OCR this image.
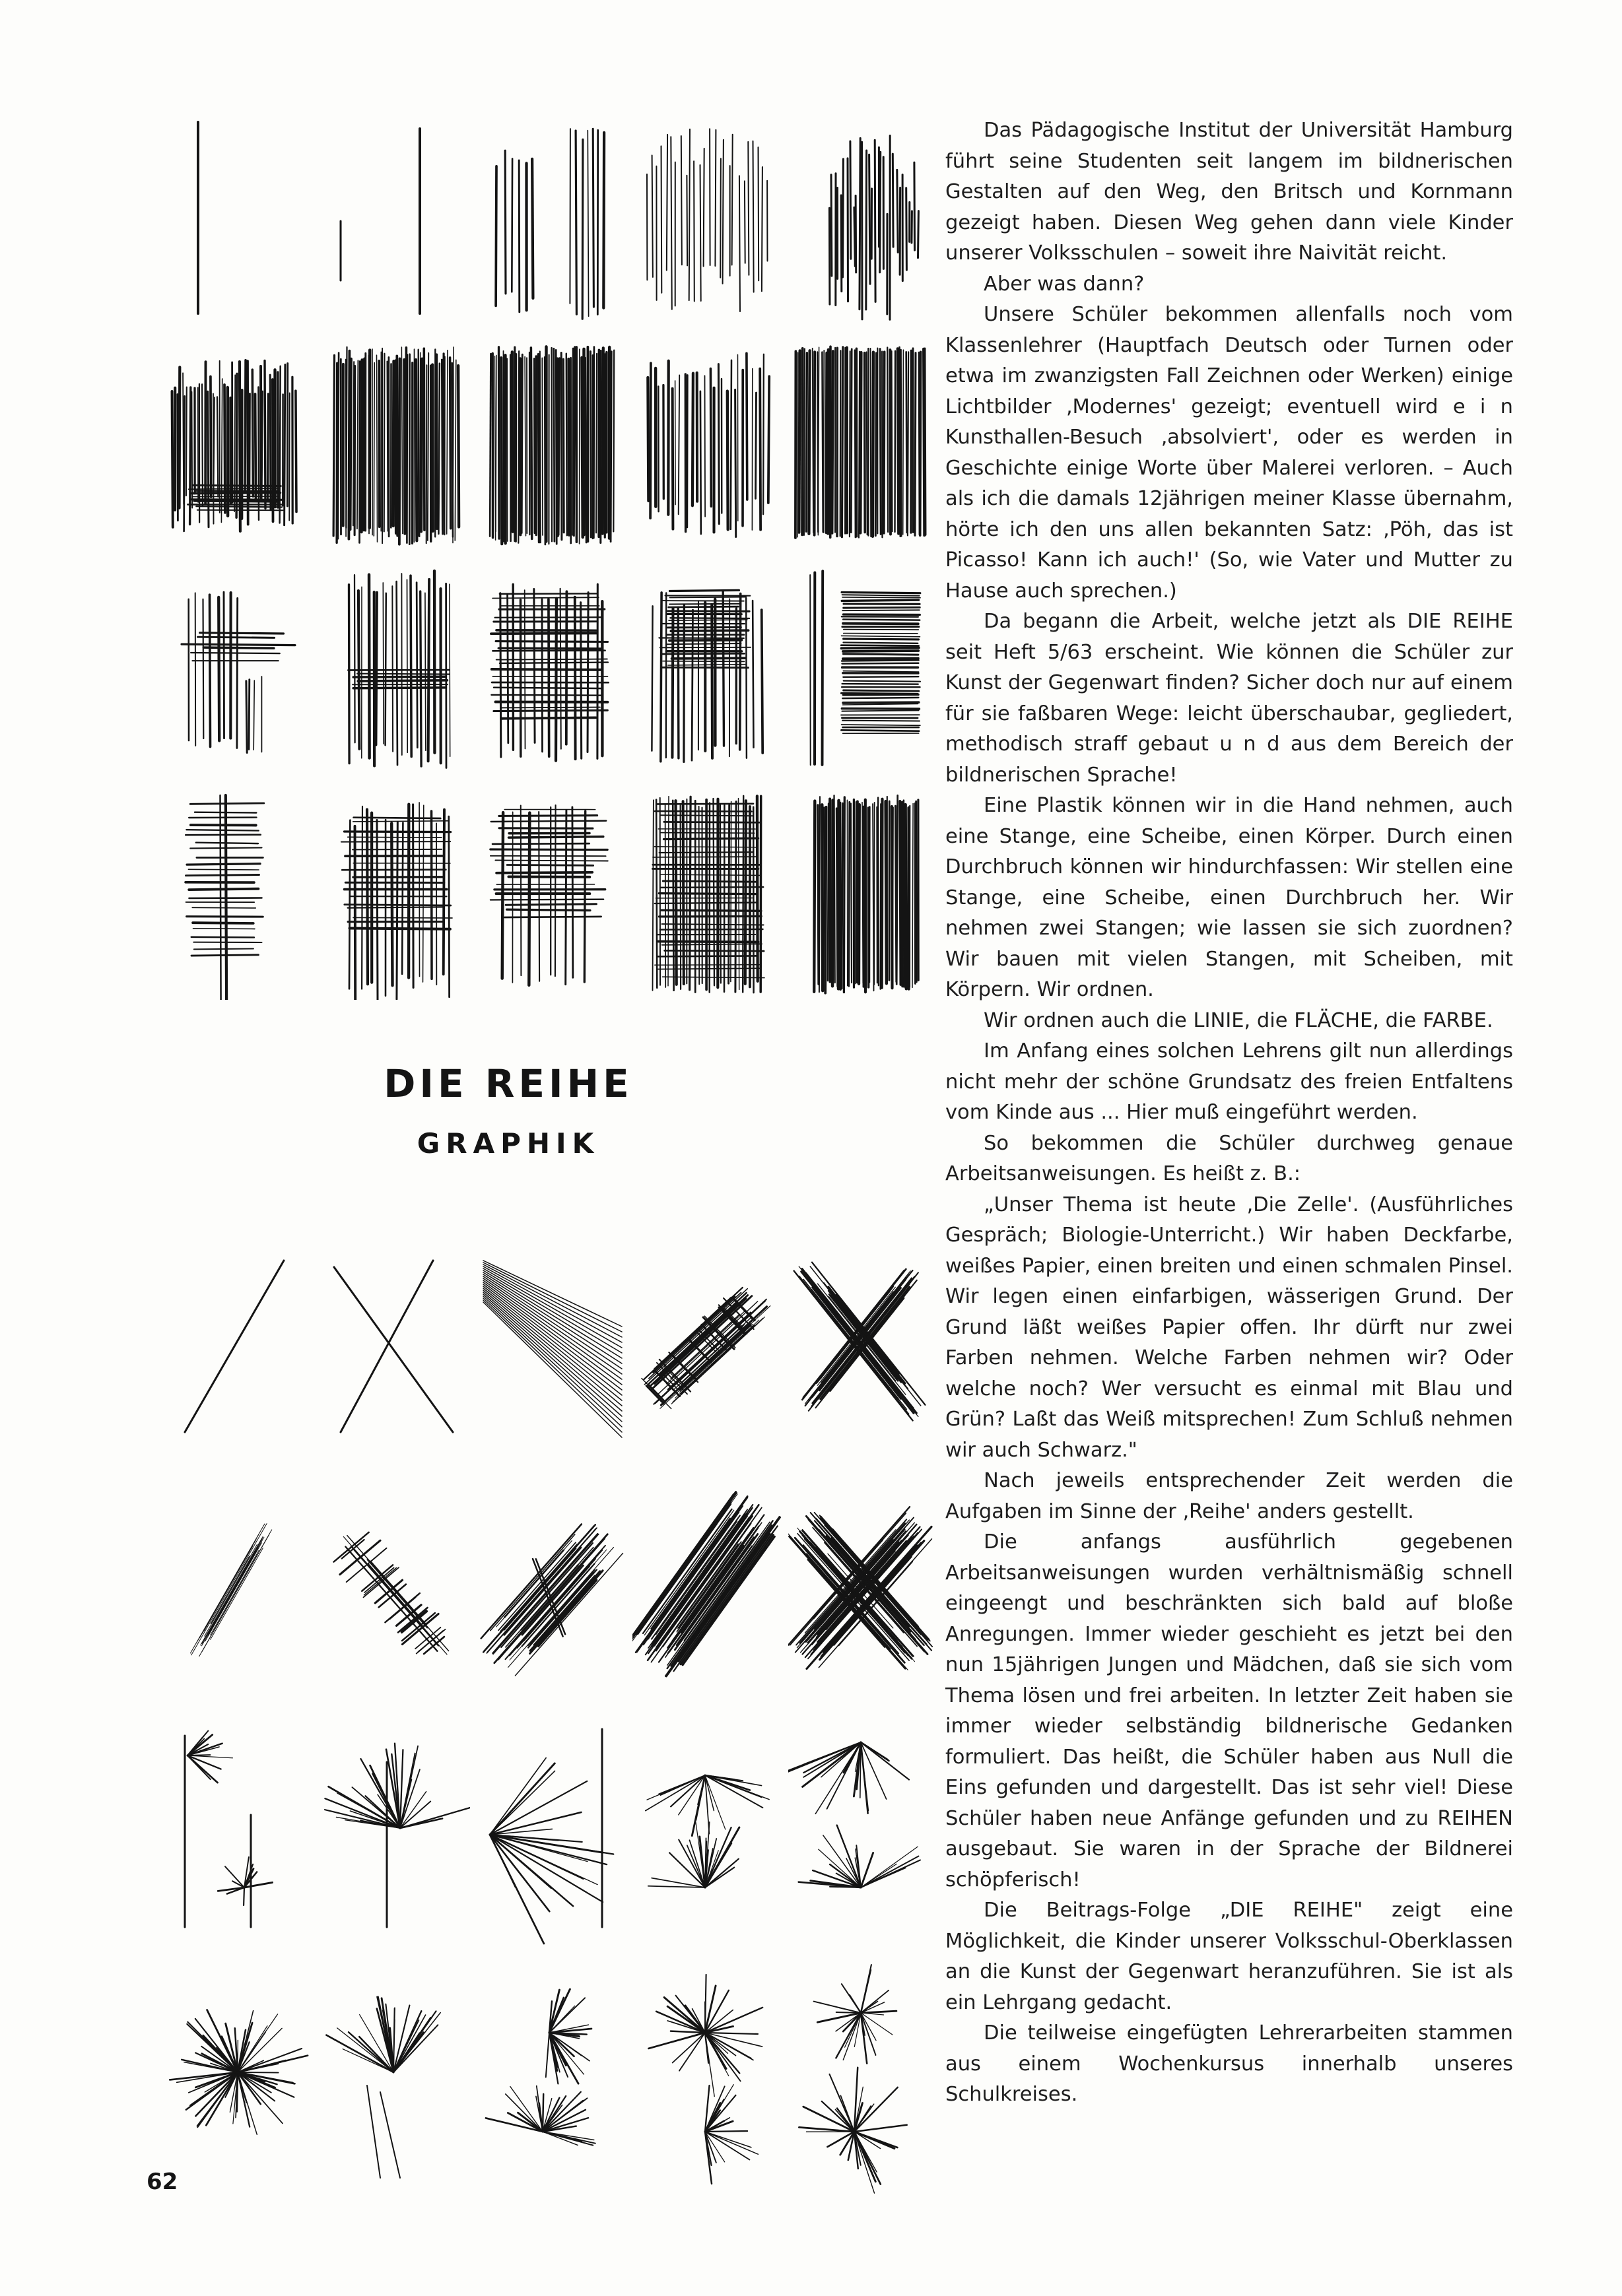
DIE REIHE
GRAPHIK

Das Pädagogische Institut der Universität Hamburg führt seine Studenten seit langem im bildnerischen Gestalten auf den Weg, den Britsch und Kornmann gezeigt haben. Diesen Weg gehen dann viele Kinder unserer Volksschulen – soweit ihre Naivität reicht.

Aber was dann?

Unsere Schüler bekommen allenfalls noch vom Klassenlehrer (Hauptfach Deutsch oder Turnen oder etwa im zwanzigsten Fall Zeichnen oder Werken) einige Lichtbilder ‚Modernes' gezeigt; eventuell wird e i n Kunsthallen-Besuch ‚absolviert', oder es werden in Geschichte einige Worte über Malerei verloren. – Auch als ich die damals 12jährigen meiner Klasse übernahm, hörte ich den uns allen bekannten Satz: ‚Pöh, das ist Picasso! Kann ich auch!' (So, wie Vater und Mutter zu Hause auch sprechen.)

Da begann die Arbeit, welche jetzt als DIE REIHE seit Heft 5/63 erscheint. Wie können die Schüler zur Kunst der Gegenwart finden? Sicher doch nur auf einem für sie faßbaren Wege: leicht überschaubar, gegliedert, methodisch straff gebaut u n d aus dem Bereich der bildnerischen Sprache!

Eine Plastik können wir in die Hand nehmen, auch eine Stange, eine Scheibe, einen Körper. Durch einen Durchbruch können wir hindurchfassen: Wir stellen eine Stange, eine Scheibe, einen Durchbruch her. Wir nehmen zwei Stangen; wie lassen sie sich zuordnen? Wir bauen mit vielen Stangen, mit Scheiben, mit Körpern. Wir ordnen.

Wir ordnen auch die LINIE, die FLÄCHE, die FARBE.

Im Anfang eines solchen Lehrens gilt nun allerdings nicht mehr der schöne Grundsatz des freien Entfaltens vom Kinde aus ... Hier muß eingeführt werden.

So bekommen die Schüler durchweg genaue Arbeitsanweisungen. Es heißt z. B.:

„Unser Thema ist heute ‚Die Zelle'. (Ausführliches Gespräch; Biologie-Unterricht.) Wir haben Deckfarbe, weißes Papier, einen breiten und einen schmalen Pinsel. Wir legen einen einfarbigen, wässerigen Grund. Der Grund läßt weißes Papier offen. Ihr dürft nur zwei Farben nehmen. Welche Farben nehmen wir? Oder welche noch? Wer versucht es einmal mit Blau und Grün? Laßt das Weiß mitsprechen! Zum Schluß nehmen wir auch Schwarz."

Nach jeweils entsprechender Zeit werden die Aufgaben im Sinne der ‚Reihe' anders gestellt.

Die anfangs ausführlich gegebenen Arbeitsanweisungen wurden verhältnismäßig schnell eingeengt und beschränkten sich bald auf bloße Anregungen. Immer wieder geschieht es jetzt bei den nun 15jährigen Jungen und Mädchen, daß sie sich vom Thema lösen und frei arbeiten. In letzter Zeit haben sie immer wieder selbständig bildnerische Gedanken formuliert. Das heißt, die Schüler haben aus Null die Eins gefunden und dargestellt. Das ist sehr viel! Diese Schüler haben neue Anfänge gefunden und zu REIHEN ausgebaut. Sie waren in der Sprache der Bildnerei schöpferisch!

Die Beitrags-Folge „DIE REIHE" zeigt eine Möglichkeit, die Kinder unserer Volksschul-Oberklassen an die Kunst der Gegenwart heranzuführen. Sie ist als ein Lehrgang gedacht.

Die teilweise eingefügten Lehrerarbeiten stammen aus einem Wochenkursus innerhalb unseres Schulkreises.

62
